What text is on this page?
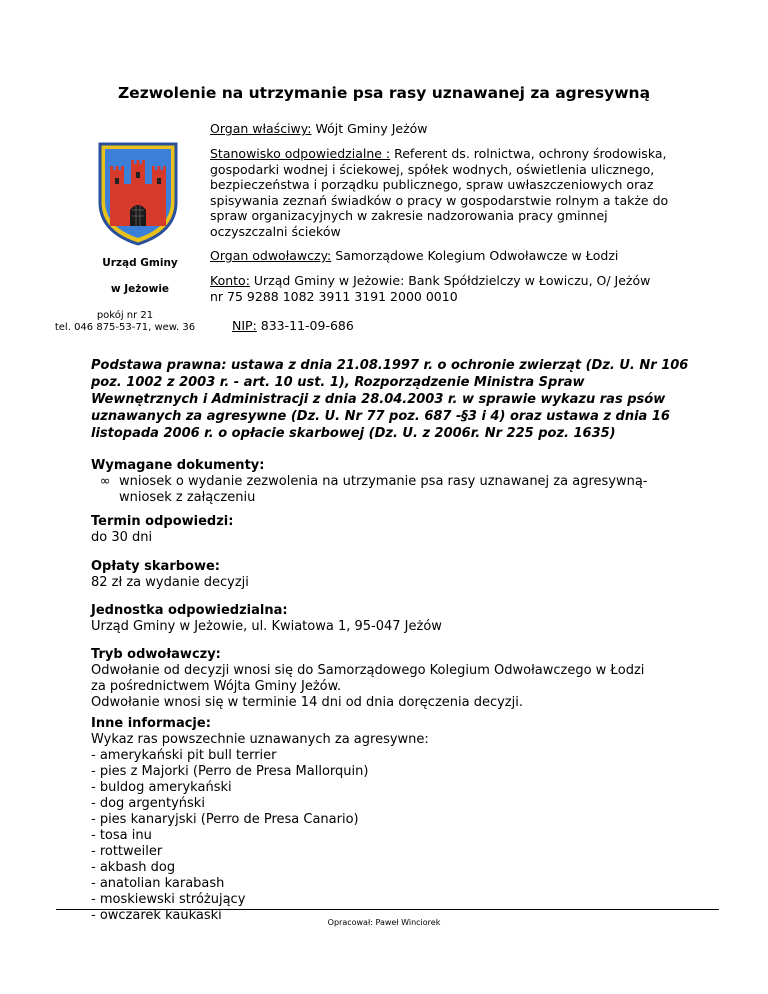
Zezwolenie na utrzymanie psa rasy uznawanej za agresywną
Organ właściwy: Wójt Gminy Jeżów
Stanowisko odpowiedzialne : Referent ds. rolnictwa, ochrony środowiska, gospodarki wodnej i ściekowej, spółek wodnych, oświetlenia ulicznego, bezpieczeństwa i porządku publicznego, spraw uwłaszczeniowych oraz spisywania zeznań świadków o pracy w gospodarstwie rolnym a także do spraw organizacyjnych w zakresie nadzorowania pracy gminnej oczyszczalni ścieków
Urząd Gminy
w Jeżowie
pokój nr 21
tel. 046 875-53-71, wew. 36
Organ odwoławczy: Samorządowe Kolegium Odwoławcze w Łodzi
Konto: Urząd Gminy w Jeżowie: Bank Spółdzielczy w Łowiczu, O/ Jeżów nr 75 9288 1082 3911 3191 2000 0010
NIP: 833-11-09-686
Podstawa prawna: ustawa z dnia 21.08.1997 r. o ochronie zwierząt (Dz. U. Nr 106 poz. 1002 z 2003 r. - art. 10 ust. 1), Rozporządzenie Ministra Spraw Wewnętrznych i Administracji z dnia 28.04.2003 r. w sprawie wykazu ras psów uznawanych za agresywne (Dz. U. Nr 77 poz. 687 -§3 i 4) oraz ustawa z dnia 16 listopada 2006 r. o opłacie skarbowej (Dz. U. z 2006r. Nr 225 poz. 1635)
Wymagane dokumenty:
∞ wniosek o wydanie zezwolenia na utrzymanie psa rasy uznawanej za agresywną- wniosek z załączeniu
Termin odpowiedzi:
do 30 dni
Opłaty skarbowe:
82 zł za wydanie decyzji
Jednostka odpowiedzialna:
Urząd Gminy w Jeżowie, ul. Kwiatowa 1, 95-047 Jeżów
Tryb odwoławczy:
Odwołanie od decyzji wnosi się do Samorządowego Kolegium Odwoławczego w Łodzi za pośrednictwem Wójta Gminy Jeżów.
Odwołanie wnosi się w terminie 14 dni od dnia doręczenia decyzji.
Inne informacje:
Wykaz ras powszechnie uznawanych za agresywne:
- amerykański pit bull terrier
- pies z Majorki (Perro de Presa Mallorquin)
- buldog amerykański
- dog argentyński
- pies kanaryjski (Perro de Presa Canario)
- tosa inu
- rottweiler
- akbash dog
- anatolian karabash
- moskiewski stróżujący
- owczarek kaukaski	Opracował: Paweł Winciorek
